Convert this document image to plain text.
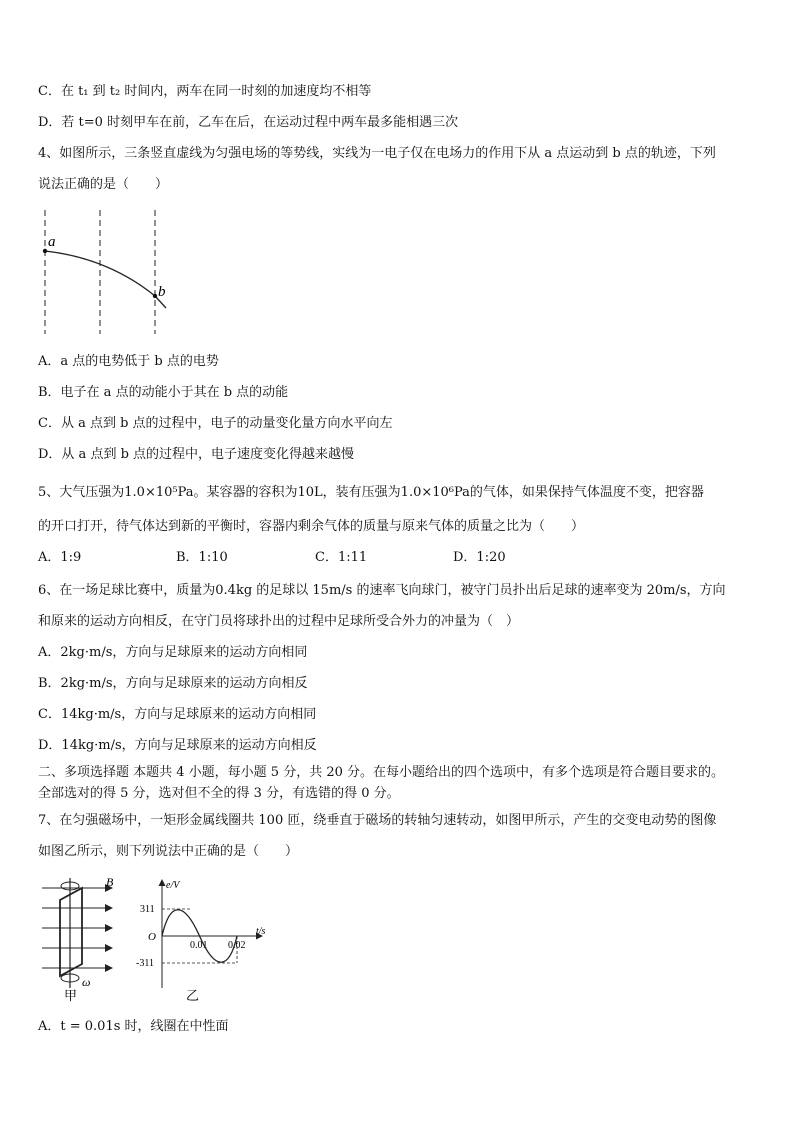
C．在 t₁ 到 t₂ 时间内，两车在同一时刻的加速度均不相等
D．若 t=0 时刻甲车在前，乙车在后，在运动过程中两车最多能相遇三次
4、如图所示，三条竖直虚线为匀强电场的等势线，实线为一电子仅在电场力的作用下从 a 点运动到 b 点的轨迹，下列
说法正确的是（　　）
a
b
A．a 点的电势低于 b 点的电势
B．电子在 a 点的动能小于其在 b 点的动能
C．从 a 点到 b 点的过程中，电子的动量变化量方向水平向左
D．从 a 点到 b 点的过程中，电子速度变化得越来越慢
5、大气压强为1.0×10⁵Pa。某容器的容积为10L，装有压强为1.0×10⁶Pa的气体，如果保持气体温度不变，把容器
的开口打开，待气体达到新的平衡时，容器内剩余气体的质量与原来气体的质量之比为（　　）
A．1:9	B．1:10	C．1:11	D．1:20
6、在一场足球比赛中，质量为0.4kg 的足球以 15m/s 的速率飞向球门，被守门员扑出后足球的速率变为 20m/s，方向
和原来的运动方向相反，在守门员将球扑出的过程中足球所受合外力的冲量为（　）
A．2kg·m/s，方向与足球原来的运动方向相同
B．2kg·m/s，方向与足球原来的运动方向相反
C．14kg·m/s，方向与足球原来的运动方向相同
D．14kg·m/s，方向与足球原来的运动方向相反
二、多项选择题 本题共 4 小题，每小题 5 分，共 20 分。在每小题给出的四个选项中，有多个选项是符合题目要求的。
全部选对的得 5 分，选对但不全的得 3 分，有选错的得 0 分。
7、在匀强磁场中，一矩形金属线圈共 100 匝，绕垂直于磁场的转轴匀速转动，如图甲所示，产生的交变电动势的图像
如图乙所示，则下列说法中正确的是（　　）
B
ω
甲
e/V
t/s
311
-311
O
0.01 0.02
乙
A．t = 0.01s 时，线圈在中性面
